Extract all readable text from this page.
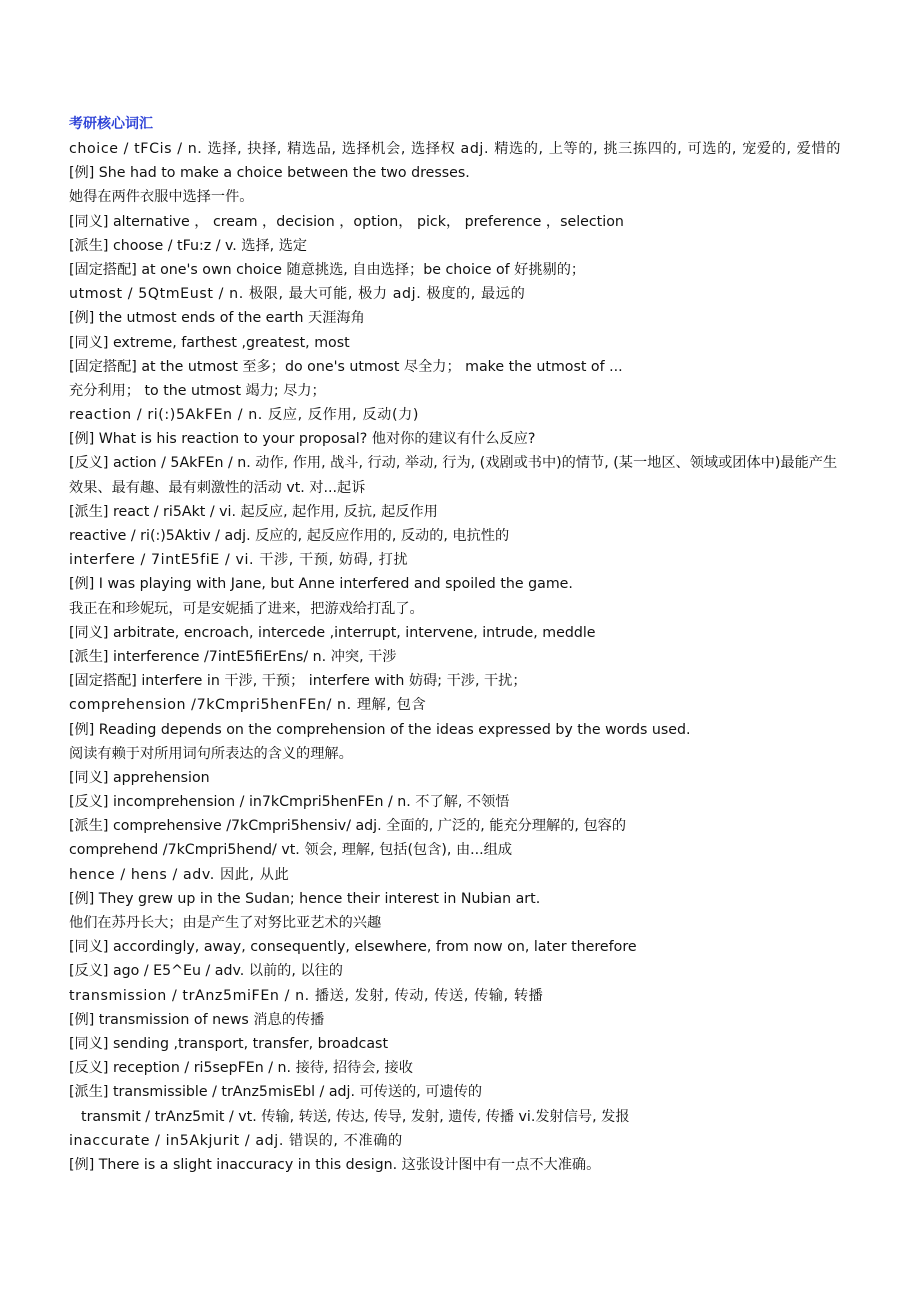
考研核心词汇
choice / tFCis / n. 选择, 抉择, 精选品, 选择机会, 选择权 adj. 精选的, 上等的, 挑三拣四的, 可选的, 宠爱的, 爱惜的
[例] She had to make a choice between the two dresses.
她得在两件衣服中选择一件。
[同义] alternative ， cream ，decision ，option， pick， preference ，selection
[派生] choose / tFu:z / v. 选择, 选定
[固定搭配] at one's own choice 随意挑选, 自由选择；be choice of 好挑剔的；
utmost / 5QtmEust / n. 极限, 最大可能, 极力 adj. 极度的, 最远的
[例] the utmost ends of the earth 天涯海角
[同义] extreme, farthest ,greatest, most
[固定搭配] at the utmost 至多；do one's utmost 尽全力； make the utmost of ...
充分利用； to the utmost 竭力; 尽力；
reaction / ri(:)5AkFEn / n. 反应, 反作用, 反动(力)
[例] What is his reaction to your proposal? 他对你的建议有什么反应?
[反义] action / 5AkFEn / n. 动作, 作用, 战斗, 行动, 举动, 行为, (戏剧或书中)的情节, (某一地区、领域或团体中)最能产生
效果、最有趣、最有刺激性的活动 vt. 对...起诉
[派生] react / ri5Akt / vi. 起反应, 起作用, 反抗, 起反作用
reactive / ri(:)5Aktiv / adj. 反应的, 起反应作用的, 反动的, 电抗性的
interfere / 7intE5fiE / vi. 干涉, 干预, 妨碍, 打扰
[例] I was playing with Jane, but Anne interfered and spoiled the game.
我正在和珍妮玩，可是安妮插了进来，把游戏给打乱了。
[同义] arbitrate, encroach, intercede ,interrupt, intervene, intrude, meddle
[派生] interference /7intE5fiErEns/ n. 冲突, 干涉
[固定搭配] interfere in 干涉, 干预； interfere with 妨碍; 干涉, 干扰；
comprehension /7kCmpri5henFEn/ n. 理解, 包含
[例] Reading depends on the comprehension of the ideas expressed by the words used.
阅读有赖于对所用词句所表达的含义的理解。
[同义] apprehension
[反义] incomprehension / in7kCmpri5henFEn / n. 不了解, 不领悟
[派生] comprehensive /7kCmpri5hensiv/ adj. 全面的, 广泛的, 能充分理解的, 包容的
comprehend /7kCmpri5hend/ vt. 领会, 理解, 包括(包含), 由...组成
hence / hens / adv. 因此, 从此
[例] They grew up in the Sudan; hence their interest in Nubian art.
他们在苏丹长大；由是产生了对努比亚艺术的兴趣
[同义] accordingly, away, consequently, elsewhere, from now on, later therefore
[反义] ago / E5^Eu / adv. 以前的, 以往的
transmission / trAnz5miFEn / n. 播送, 发射, 传动, 传送, 传输, 转播
[例] transmission of news 消息的传播
[同义] sending ,transport, transfer, broadcast
[反义] reception / ri5sepFEn / n. 接待, 招待会, 接收
[派生] transmissible / trAnz5misEbl / adj. 可传送的, 可遗传的
transmit / trAnz5mit / vt. 传输, 转送, 传达, 传导, 发射, 遗传, 传播 vi.发射信号, 发报
inaccurate / in5Akjurit / adj. 错误的, 不准确的
[例] There is a slight inaccuracy in this design. 这张设计图中有一点不大准确。
